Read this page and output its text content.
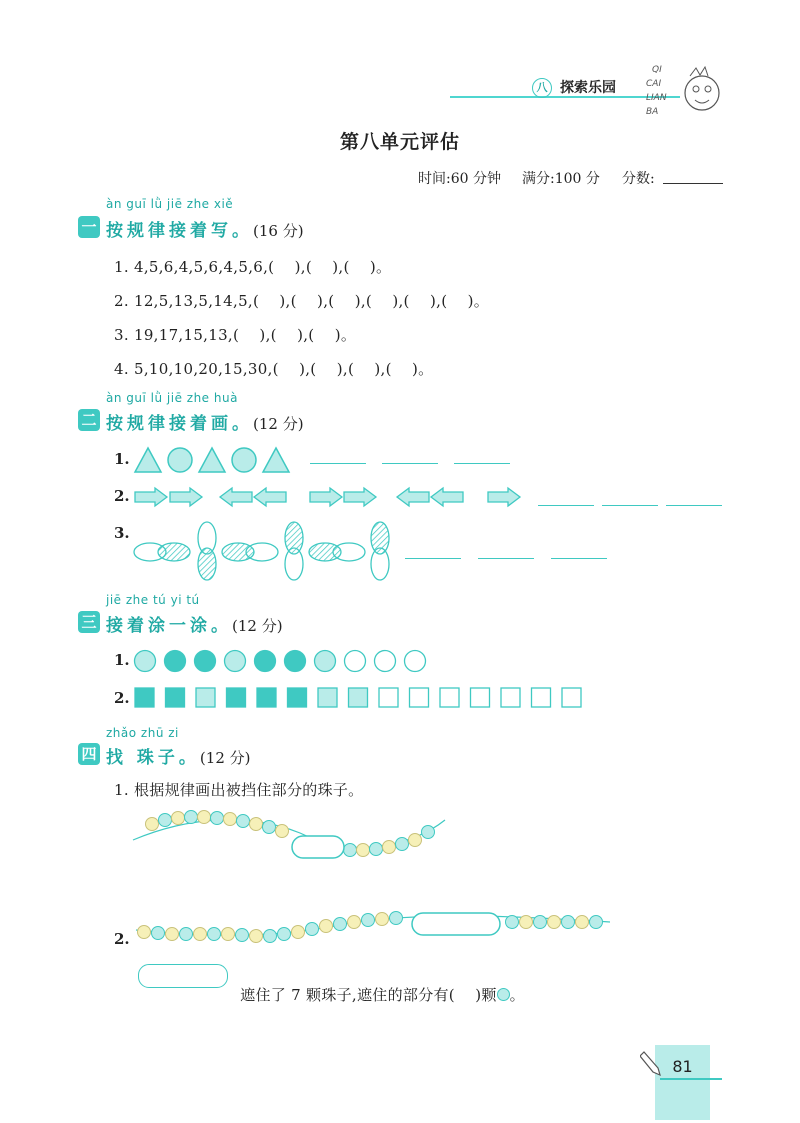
八 探索乐园
QI
CAI
LIAN
BA
第八单元评估
时间:60 分钟 满分:100 分 分数:
àn guī lǜ jiē zhe xiě
一 按规律接着写。(16 分)
1. 4,5,6,4,5,6,4,5,6,(    ),(    ),(    )。
2. 12,5,13,5,14,5,(    ),(    ),(    ),(    ),(    ),(    )。
3. 19,17,15,13,(    ),(    ),(    )。
4. 5,10,10,20,15,30,(    ),(    ),(    ),(    )。
àn guī lǜ jiē zhe huà
二 按规律接着画。(12 分)
1.
2.
3.
jiē zhe tú yi tú
三 接着涂一涂。(12 分)
1.
2.
zhǎo zhū zi
四 找 珠子。(12 分)
1. 根据规律画出被挡住部分的珠子。
2.

遮住了 7 颗珠子,遮住的部分有(    )颗 。

81
